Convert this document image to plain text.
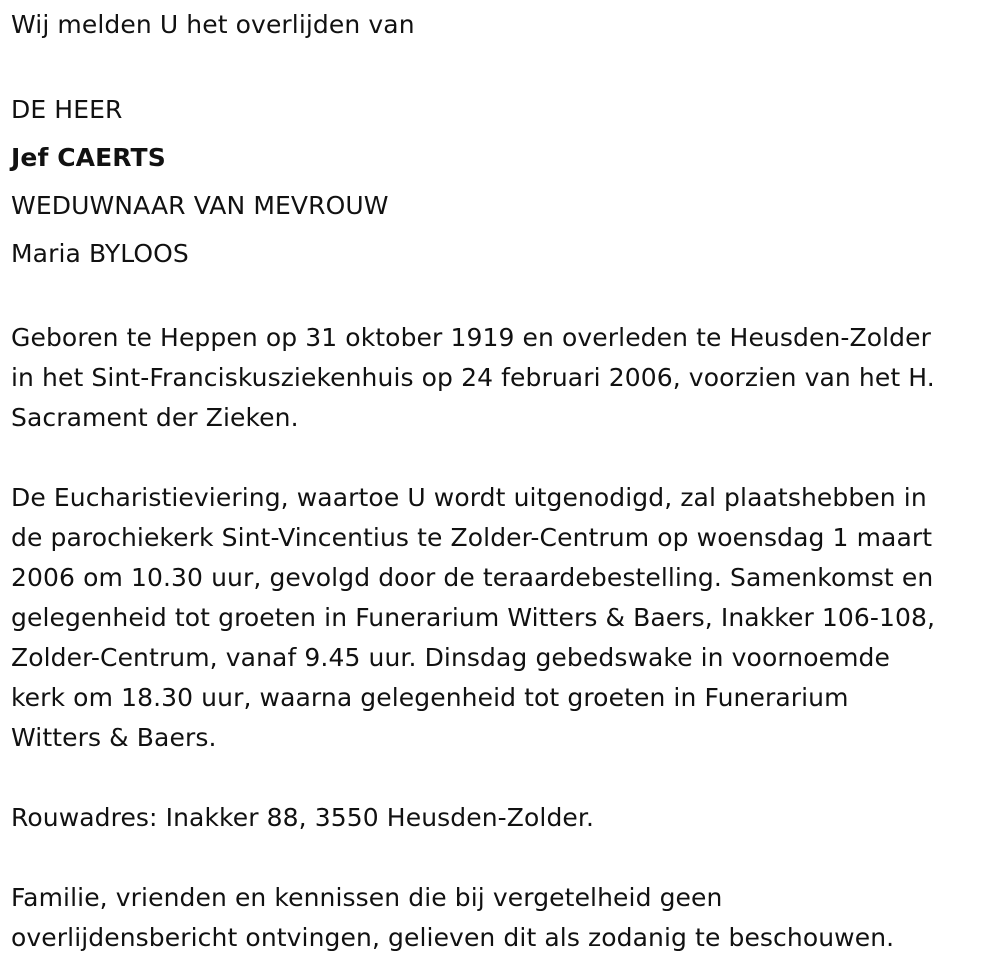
Wij melden U het overlijden van

DE HEER

Jef CAERTS

WEDUWNAAR VAN MEVROUW

Maria BYLOOS

Geboren te Heppen op 31 oktober 1919 en overleden te Heusden-Zolder

in het Sint-Franciskusziekenhuis op 24 februari 2006, voorzien van het H.

Sacrament der Zieken.

De Eucharistieviering, waartoe U wordt uitgenodigd, zal plaatshebben in

de parochiekerk Sint-Vincentius te Zolder-Centrum op woensdag 1 maart

2006 om 10.30 uur, gevolgd door de teraardebestelling. Samenkomst en

gelegenheid tot groeten in Funerarium Witters & Baers, Inakker 106-108,

Zolder-Centrum, vanaf 9.45 uur. Dinsdag gebedswake in voornoemde

kerk om 18.30 uur, waarna gelegenheid tot groeten in Funerarium

Witters & Baers.

Rouwadres: Inakker 88, 3550 Heusden-Zolder.

Familie, vrienden en kennissen die bij vergetelheid geen

overlijdensbericht ontvingen, gelieven dit als zodanig te beschouwen.
